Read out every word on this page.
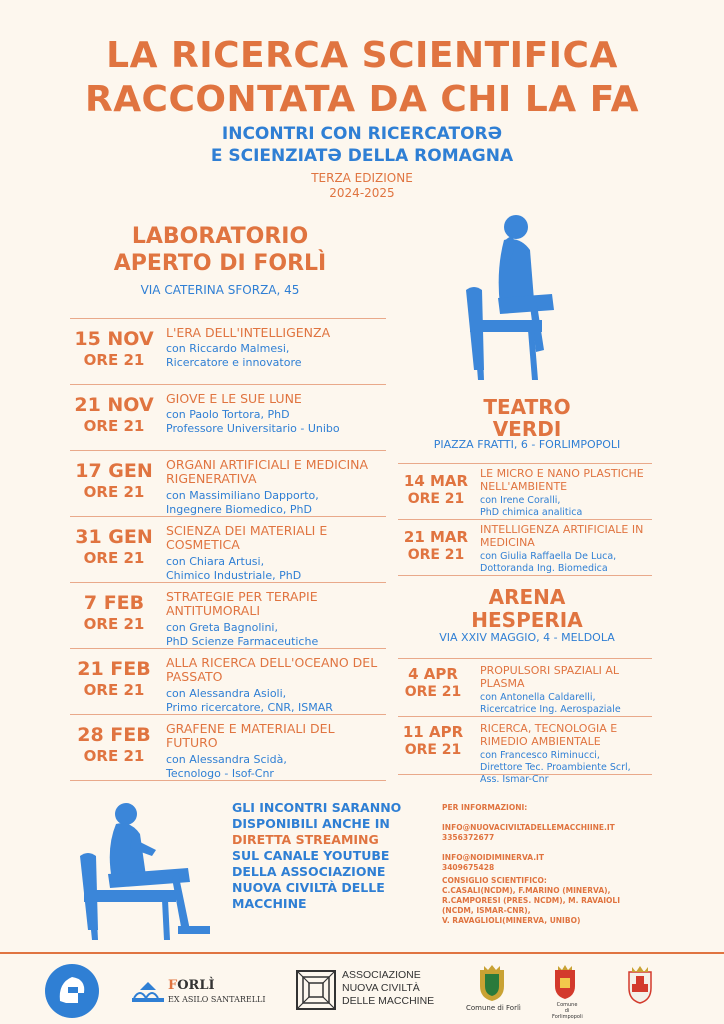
LA RICERCA SCIENTIFICA
RACCONTATA DA CHI LA FA
INCONTRI CON RICERCATORƏ
E SCIENZIATƏ DELLA ROMAGNA
TERZA EDIZIONE
2024-2025
LABORATORIO
APERTO DI FORLÌ
VIA CATERINA SFORZA, 45
15 NOV
ORE 21
L'ERA DELL'INTELLIGENZA
con Riccardo Malmesi,
Ricercatore e innovatore
21 NOV
ORE 21
GIOVE E LE SUE LUNE
con Paolo Tortora, PhD
Professore Universitario - Unibo
17 GEN
ORE 21
ORGANI ARTIFICIALI E MEDICINA RIGENERATIVA
con Massimiliano Dapporto,
Ingegnere Biomedico, PhD
31 GEN
ORE 21
SCIENZA DEI MATERIALI E COSMETICA
con Chiara Artusi,
Chimico Industriale, PhD
7 FEB
ORE 21
STRATEGIE PER TERAPIE ANTITUMORALI
con Greta Bagnolini,
PhD Scienze Farmaceutiche
21 FEB
ORE 21
ALLA RICERCA DELL'OCEANO DEL PASSATO
con Alessandra Asioli,
Primo ricercatore, CNR, ISMAR
28 FEB
ORE 21
GRAFENE E MATERIALI DEL FUTURO
con Alessandra Scidà,
Tecnologo - Isof-Cnr
TEATRO
VERDI
PIAZZA FRATTI, 6 - FORLIMPOPOLI
14 MAR
ORE 21
LE MICRO E NANO PLASTICHE NELL'AMBIENTE
con Irene Coralli,
PhD chimica analitica
21 MAR
ORE 21
INTELLIGENZA ARTIFICIALE IN MEDICINA
con Giulia Raffaella De Luca,
Dottoranda Ing. Biomedica
ARENA
HESPERIA
VIA XXIV MAGGIO, 4 - MELDOLA
4 APR
ORE 21
PROPULSORI SPAZIALI AL PLASMA
con Antonella Caldarelli,
Ricercatrice Ing. Aerospaziale
11 APR
ORE 21
RICERCA, TECNOLOGIA E RIMEDIO AMBIENTALE
con Francesco Riminucci,
Direttore Tec. Proambiente Scrl,
Ass. Ismar-Cnr
GLI INCONTRI SARANNO
DISPONIBILI ANCHE IN
DIRETTA STREAMING
SUL CANALE YOUTUBE
DELLA ASSOCIAZIONE
NUOVA CIVILTÀ DELLE
MACCHINE
PER INFORMAZIONI:
INFO@NUOVACIVILTADELLEMACCHIINE.IT
3356372677
INFO@NOIDIMINERVA.IT
3409675428
CONSIGLIO SCIENTIFICO:
C.CASALI(NCDM), F.MARINO (MINERVA),
R.CAMPORESI (PRES. NCDM), M. RAVAIOLI
(NCDM, ISMAR-CNR),
V. RAVAGLIOLI(MINERVA, UNIBO)
FORLÌ
EX ASILO SANTARELLI
ASSOCIAZIONE
NUOVA CIVILTÀ
DELLE MACCHINE
Comune di Forlì	Comune
di Forlimpopoli
